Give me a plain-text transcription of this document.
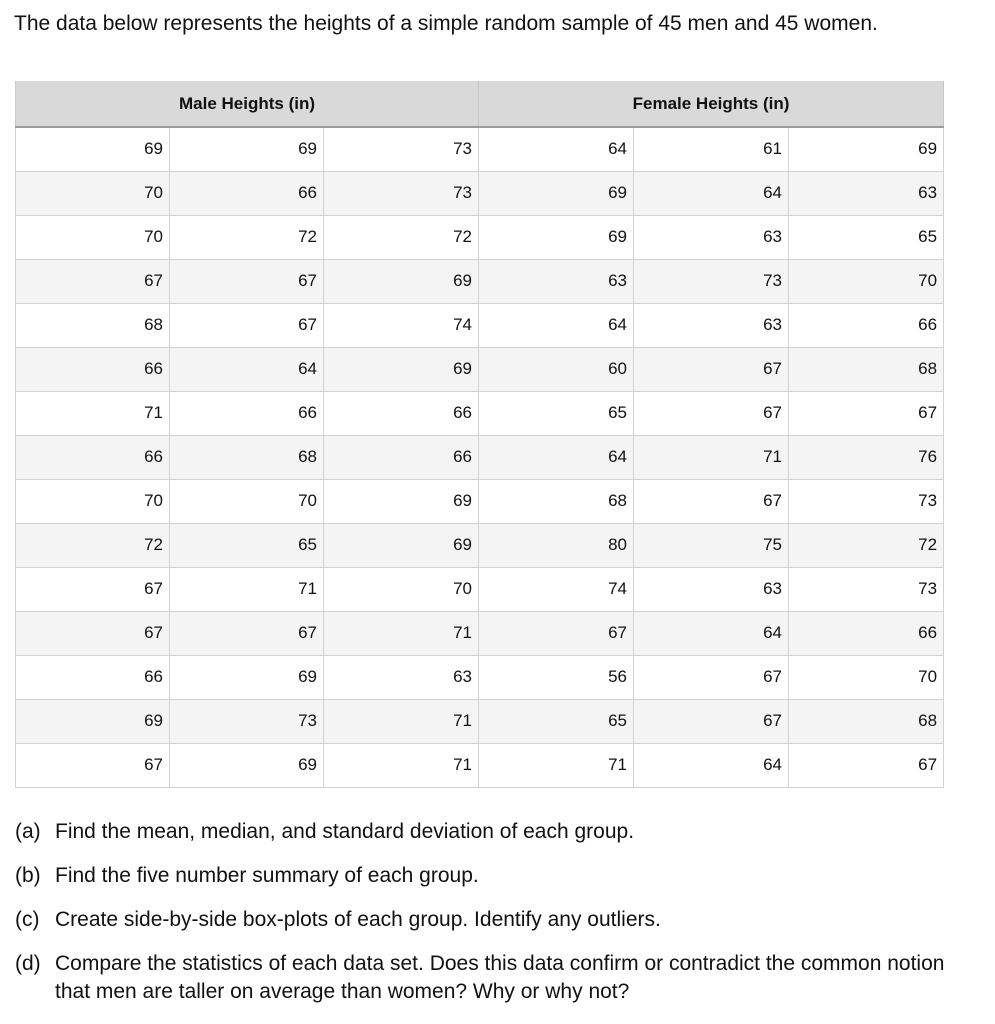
The data below represents the heights of a simple random sample of 45 men and 45 women.

Male Heights (in)			Female Heights (in)		
69	69	73	64	61	69
70	66	73	69	64	63
70	72	72	69	63	65
67	67	69	63	73	70
68	67	74	64	63	66
66	64	69	60	67	68
71	66	66	65	67	67
66	68	66	64	71	76
70	70	69	68	67	73
72	65	69	80	75	72
67	71	70	74	63	73
67	67	71	67	64	66
66	69	63	56	67	70
69	73	71	65	67	68
67	69	71	71	64	67
(a) Find the mean, median, and standard deviation of each group.
(b) Find the five number summary of each group.
(c) Create side-by-side box-plots of each group. Identify any outliers.
(d) Compare the statistics of each data set. Does this data confirm or contradict the common notion that men are taller on average than women? Why or why not?
